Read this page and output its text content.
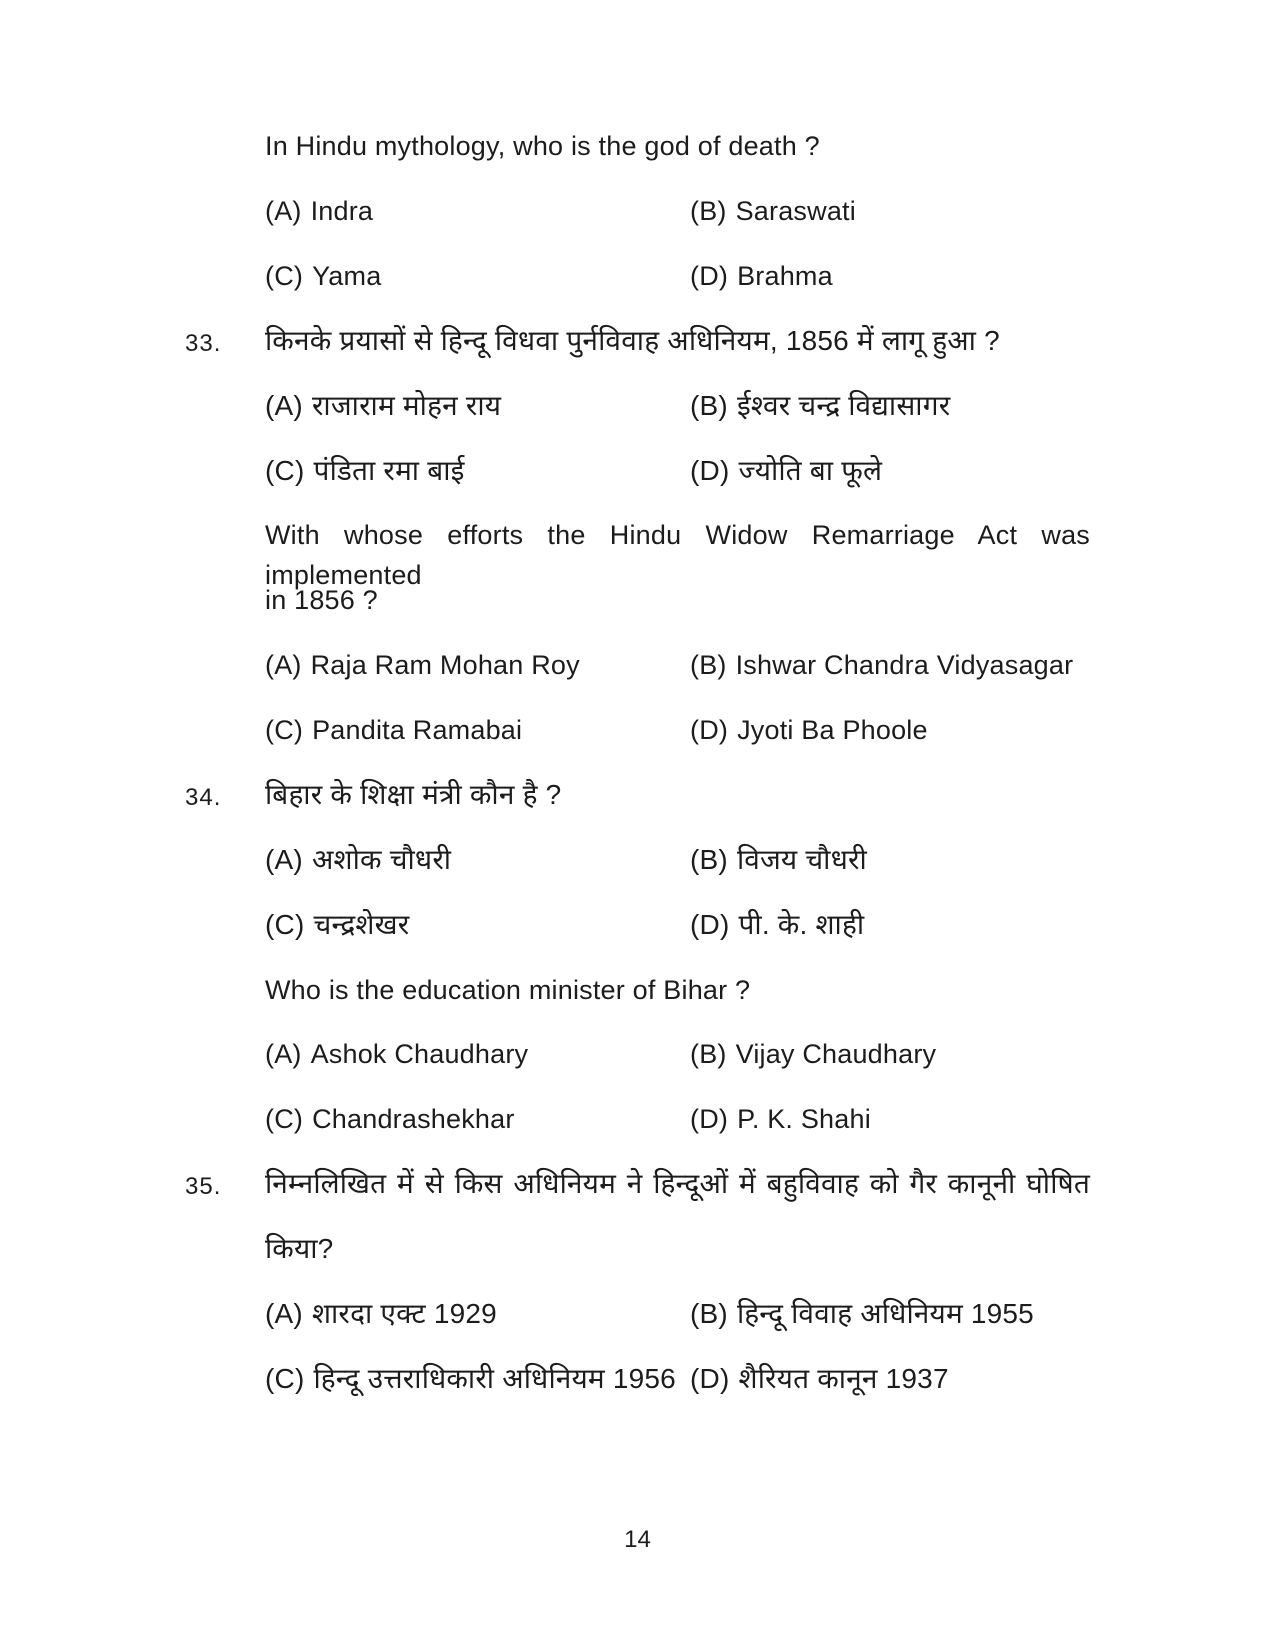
In Hindu mythology, who is the god of death ?
(A) Indra	(B) Saraswati
(C) Yama	(D) Brahma
33. किनके प्रयासों से हिन्दू विधवा पुर्नविवाह अधिनियम, 1856 में लागू हुआ ?
(A) राजाराम मोहन राय	(B) ईश्वर चन्द्र विद्यासागर
(C) पंडिता रमा बाई	(D) ज्योति बा फूले
With whose efforts the Hindu Widow Remarriage Act was implemented
in 1856 ?
(A) Raja Ram Mohan Roy	(B) Ishwar Chandra Vidyasagar
(C) Pandita Ramabai	(D) Jyoti Ba Phoole
34. बिहार के शिक्षा मंत्री कौन है ?
(A) अशोक चौधरी	(B) विजय चौधरी
(C) चन्द्रशेखर	(D) पी. के. शाही
Who is the education minister of Bihar ?
(A) Ashok Chaudhary	(B) Vijay Chaudhary
(C) Chandrashekhar	(D) P. K. Shahi
35. निम्नलिखित में से किस अधिनियम ने हिन्दूओं में बहुविवाह को गैर कानूनी घोषित
किया?
(A) शारदा एक्ट 1929	(B) हिन्दू विवाह अधिनियम 1955
(C) हिन्दू उत्तराधिकारी अधिनियम 1956 (D) शैरियत कानून 1937
14
